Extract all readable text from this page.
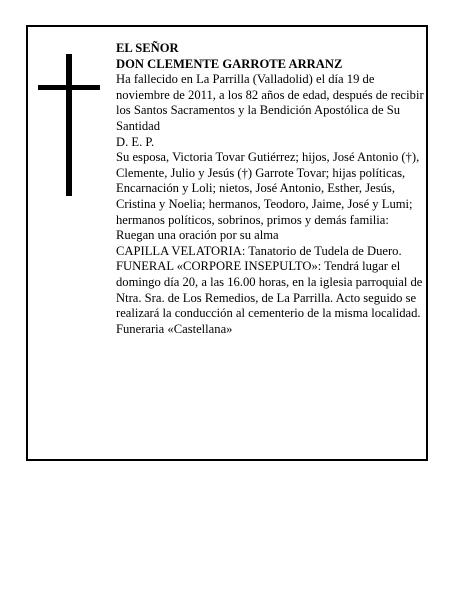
EL SEÑOR

DON CLEMENTE GARROTE ARRANZ

Ha fallecido en La Parrilla (Valladolid) el día 19 de noviembre de 2011, a los 82 años de edad, después de recibir los Santos Sacramentos y la Bendición Apostólica de Su Santidad

D. E. P.

Su esposa, Victoria Tovar Gutiérrez; hijos, José Antonio (†), Clemente, Julio y Jesús (†) Garrote Tovar; hijas políticas, Encarnación y Loli; nietos, José Antonio, Esther, Jesús, Cristina y Noelia; hermanos, Teodoro, Jaime, José y Lumi; hermanos políticos, sobrinos, primos y demás familia:

Ruegan una oración por su alma

CAPILLA VELATORIA: Tanatorio de Tudela de Duero.

FUNERAL «CORPORE INSEPULTO»: Tendrá lugar el domingo día 20, a las 16.00 horas, en la iglesia parroquial de Ntra. Sra. de Los Remedios, de La Parrilla. Acto seguido se realizará la conducción al cementerio de la misma localidad.

Funeraria «Castellana»
